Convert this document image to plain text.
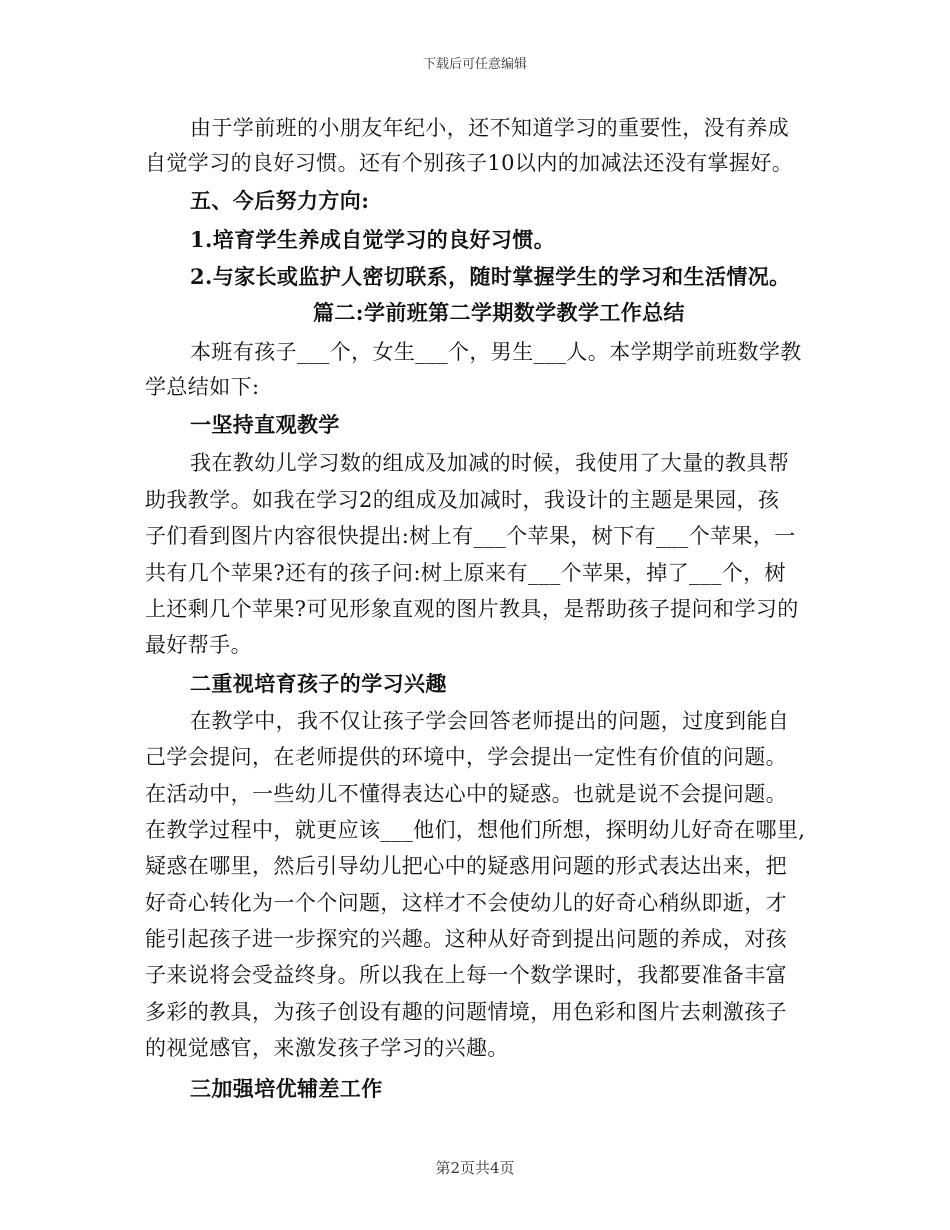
下载后可任意编辑
由于学前班的小朋友年纪小，还不知道学习的重要性，没有养成
自觉学习的良好习惯。还有个别孩子10以内的加减法还没有掌握好。
五、今后努力方向:
1.培育学生养成自觉学习的良好习惯。
2.与家长或监护人密切联系，随时掌握学生的学习和生活情况。
篇二:学前班第二学期数学教学工作总结
本班有孩子___个，女生___个，男生___人。本学期学前班数学教
学总结如下:
一坚持直观教学
我在教幼儿学习数的组成及加减的时候，我使用了大量的教具帮
助我教学。如我在学习2的组成及加减时，我设计的主题是果园，孩
子们看到图片内容很快提出:树上有___个苹果，树下有___个苹果，一
共有几个苹果?还有的孩子问:树上原来有___个苹果，掉了___个，树
上还剩几个苹果?可见形象直观的图片教具，是帮助孩子提问和学习的
最好帮手。
二重视培育孩子的学习兴趣
在教学中，我不仅让孩子学会回答老师提出的问题，过度到能自
己学会提问，在老师提供的环境中，学会提出一定性有价值的问题。
在活动中，一些幼儿不懂得表达心中的疑惑。也就是说不会提问题。
在教学过程中，就更应该___他们，想他们所想，探明幼儿好奇在哪里,
疑惑在哪里，然后引导幼儿把心中的疑惑用问题的形式表达出来，把
好奇心转化为一个个问题，这样才不会使幼儿的好奇心稍纵即逝，才
能引起孩子进一步探究的兴趣。这种从好奇到提出问题的养成，对孩
子来说将会受益终身。所以我在上每一个数学课时，我都要准备丰富
多彩的教具，为孩子创设有趣的问题情境，用色彩和图片去刺激孩子
的视觉感官，来激发孩子学习的兴趣。
三加强培优辅差工作
第2页共4页
